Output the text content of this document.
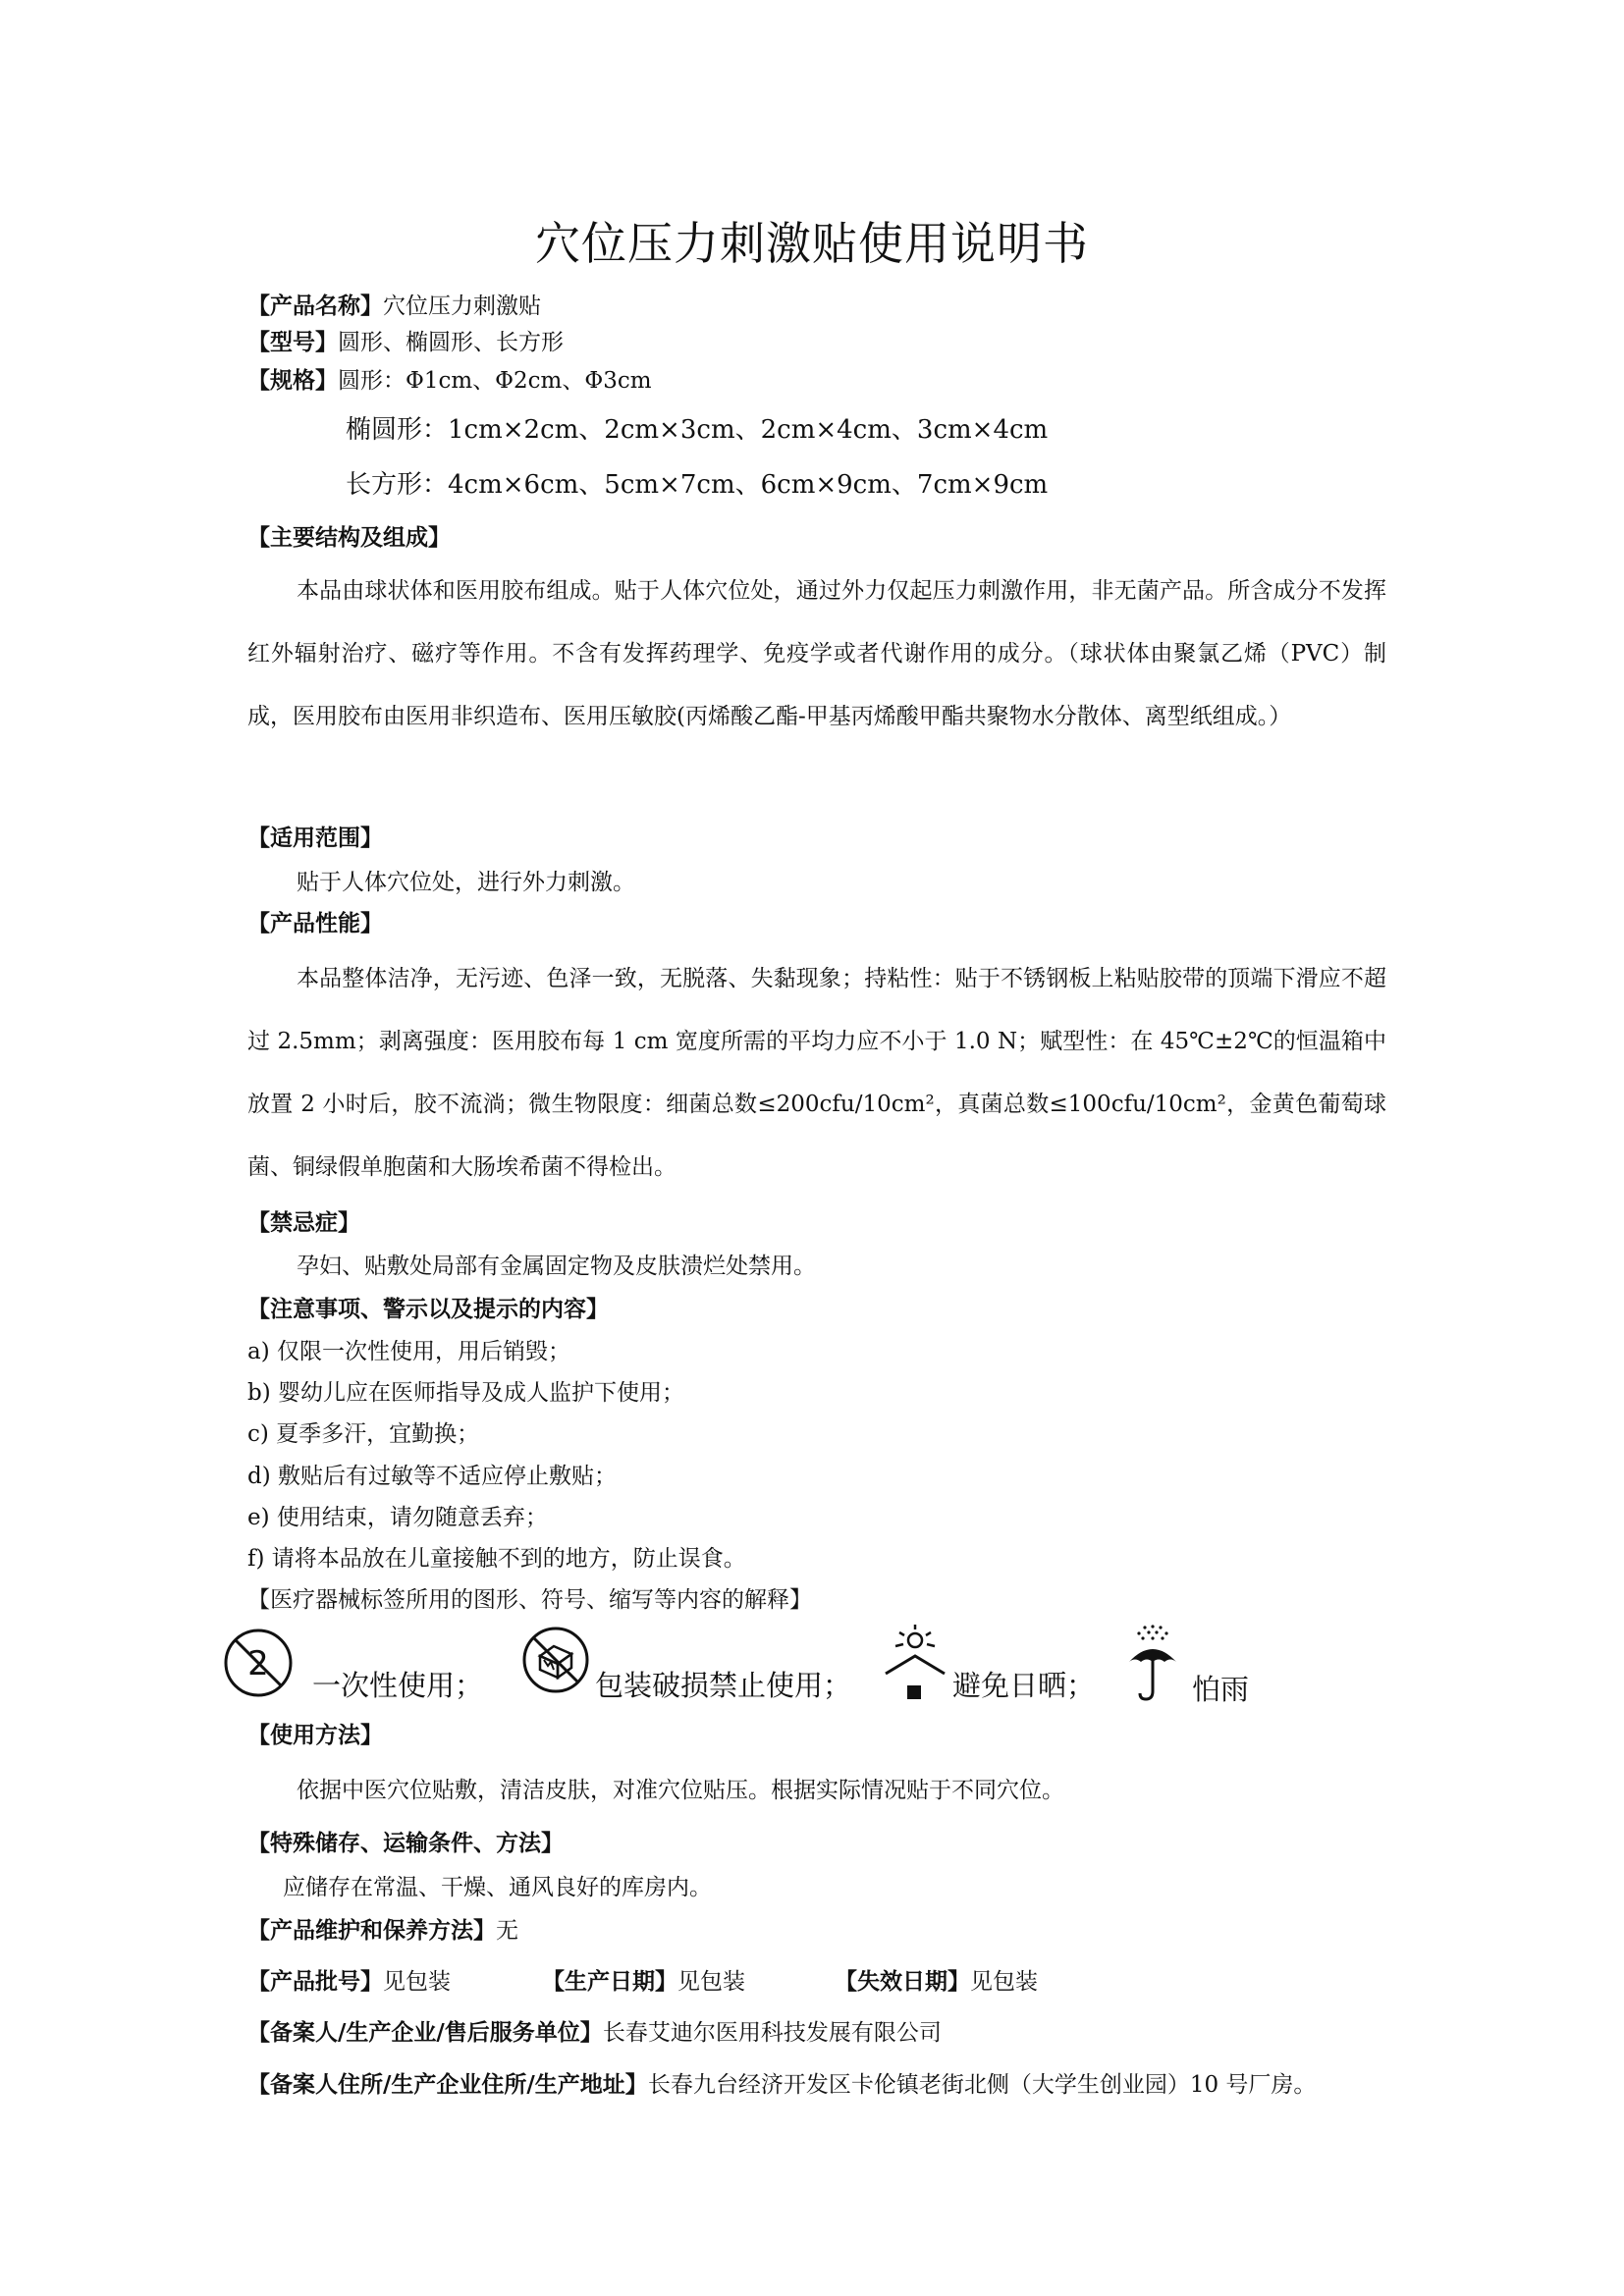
穴位压力刺激贴使用说明书
【产品名称】穴位压力刺激贴
【型号】圆形、椭圆形、长方形
【规格】圆形：Φ1cm、Φ2cm、Φ3cm
椭圆形：1cm×2cm、2cm×3cm、2cm×4cm、3cm×4cm
长方形：4cm×6cm、5cm×7cm、6cm×9cm、7cm×9cm
【主要结构及组成】
本品由球状体和医用胶布组成。贴于人体穴位处，通过外力仅起压力刺激作用，非无菌产品。所含成分不发挥红外辐射治疗、磁疗等作用。不含有发挥药理学、免疫学或者代谢作用的成分。（球状体由聚氯乙烯（PVC）制成，医用胶布由医用非织造布、医用压敏胶(丙烯酸乙酯-甲基丙烯酸甲酯共聚物水分散体、离型纸组成。）
【适用范围】
贴于人体穴位处，进行外力刺激。
【产品性能】
本品整体洁净，无污迹、色泽一致，无脱落、失黏现象；持粘性：贴于不锈钢板上粘贴胶带的顶端下滑应不超过 2.5mm；剥离强度：医用胶布每 1 cm 宽度所需的平均力应不小于 1.0 N；赋型性：在 45℃±2℃的恒温箱中放置 2 小时后，胶不流淌；微生物限度：细菌总数≤200cfu/10cm²，真菌总数≤100cfu/10cm²，金黄色葡萄球菌、铜绿假单胞菌和大肠埃希菌不得检出。
【禁忌症】
孕妇、贴敷处局部有金属固定物及皮肤溃烂处禁用。
【注意事项、警示以及提示的内容】
a) 仅限一次性使用，用后销毁；
b) 婴幼儿应在医师指导及成人监护下使用；
c) 夏季多汗，宜勤换；
d) 敷贴后有过敏等不适应停止敷贴；
e) 使用结束，请勿随意丢弃；
f) 请将本品放在儿童接触不到的地方，防止误食。
【医疗器械标签所用的图形、符号、缩写等内容的解释】
2
一次性使用；	包装破损禁止使用；	避免日晒；	怕雨
【使用方法】
依据中医穴位贴敷，清洁皮肤，对准穴位贴压。根据实际情况贴于不同穴位。
【特殊储存、运输条件、方法】
应储存在常温、干燥、通风良好的库房内。
【产品维护和保养方法】无
【产品批号】见包装	【生产日期】见包装	【失效日期】见包装
【备案人/生产企业/售后服务单位】长春艾迪尔医用科技发展有限公司
【备案人住所/生产企业住所/生产地址】长春九台经济开发区卡伦镇老街北侧（大学生创业园）10 号厂房。
